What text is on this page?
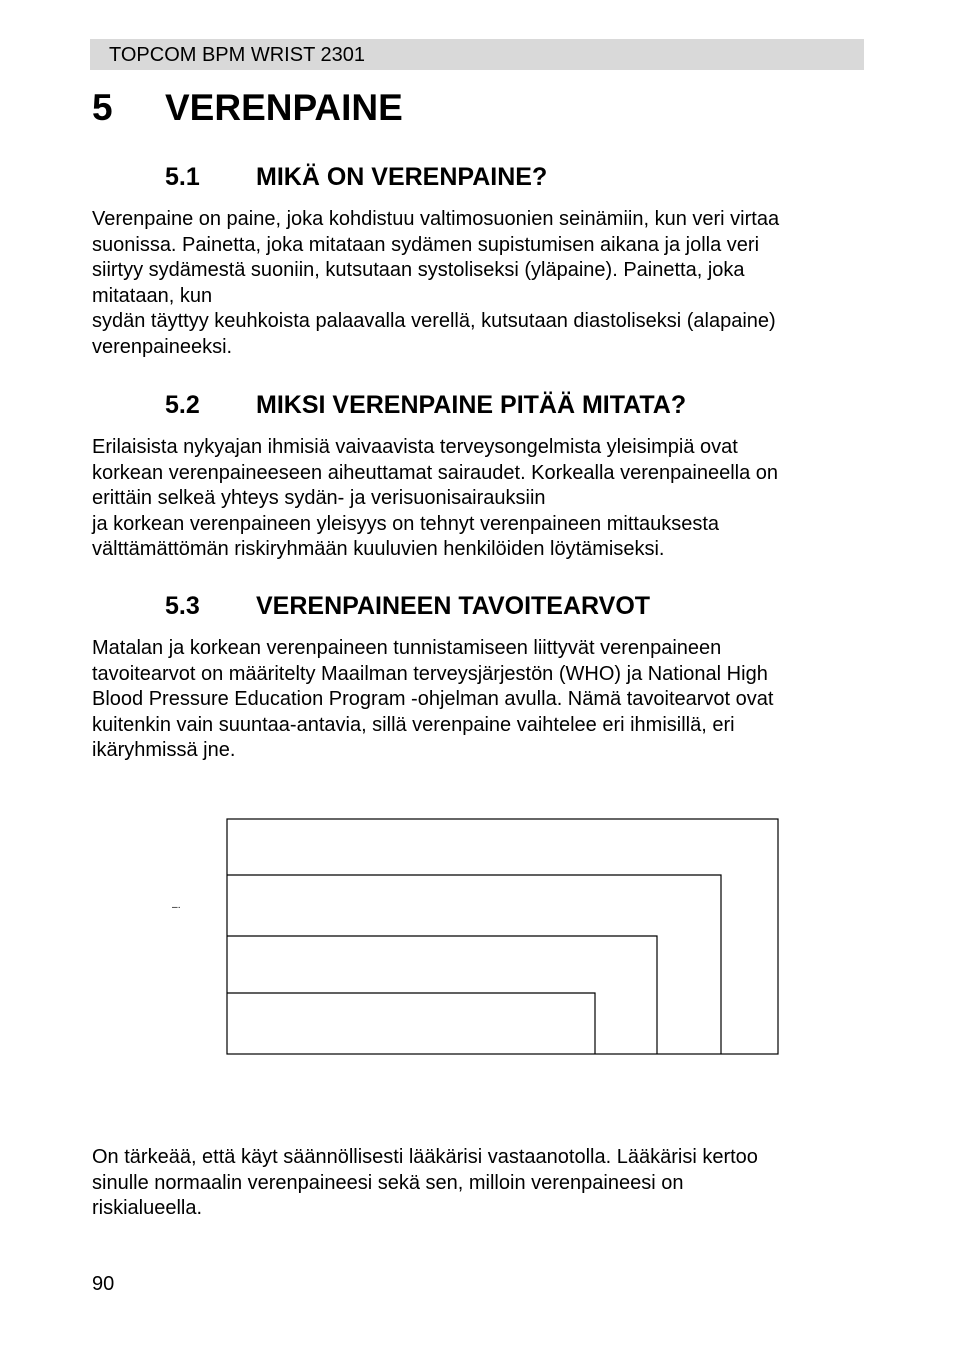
TOPCOM BPM WRIST 2301
5 VERENPAINE
5.1 MIKÄ ON VERENPAINE?
Verenpaine on paine, joka kohdistuu valtimosuonien seinämiin, kun veri virtaa
suonissa. Painetta, joka mitataan sydämen supistumisen aikana ja jolla veri
siirtyy sydämestä suoniin, kutsutaan systoliseksi (yläpaine). Painetta, joka
mitataan, kun
sydän täyttyy keuhkoista palaavalla verellä, kutsutaan diastoliseksi (alapaine)
verenpaineeksi.
5.2 MIKSI VERENPAINE PITÄÄ MITATA?
Erilaisista nykyajan ihmisiä vaivaavista terveysongelmista yleisimpiä ovat
korkean verenpaineeseen aiheuttamat sairaudet. Korkealla verenpaineella on
erittäin selkeä yhteys sydän- ja verisuonisairauksiin
ja korkean verenpaineen yleisyys on tehnyt verenpaineen mittauksesta
välttämättömän riskiryhmään kuuluvien henkilöiden löytämiseksi.
5.3 VERENPAINEEN TAVOITEARVOT
Matalan ja korkean verenpaineen tunnistamiseen liittyvät verenpaineen
tavoitearvot on määritelty Maailman terveysjärjestön (WHO) ja National High
Blood Pressure Education Program -ohjelman avulla. Nämä tavoitearvot ovat
kuitenkin vain suuntaa-antavia, sillä verenpaine vaihtelee eri ihmisillä, eri
ikäryhmissä jne.
–·
On tärkeää, että käyt säännöllisesti lääkärisi vastaanotolla. Lääkärisi kertoo
sinulle normaalin verenpaineesi sekä sen, milloin verenpaineesi on
riskialueella.
90
